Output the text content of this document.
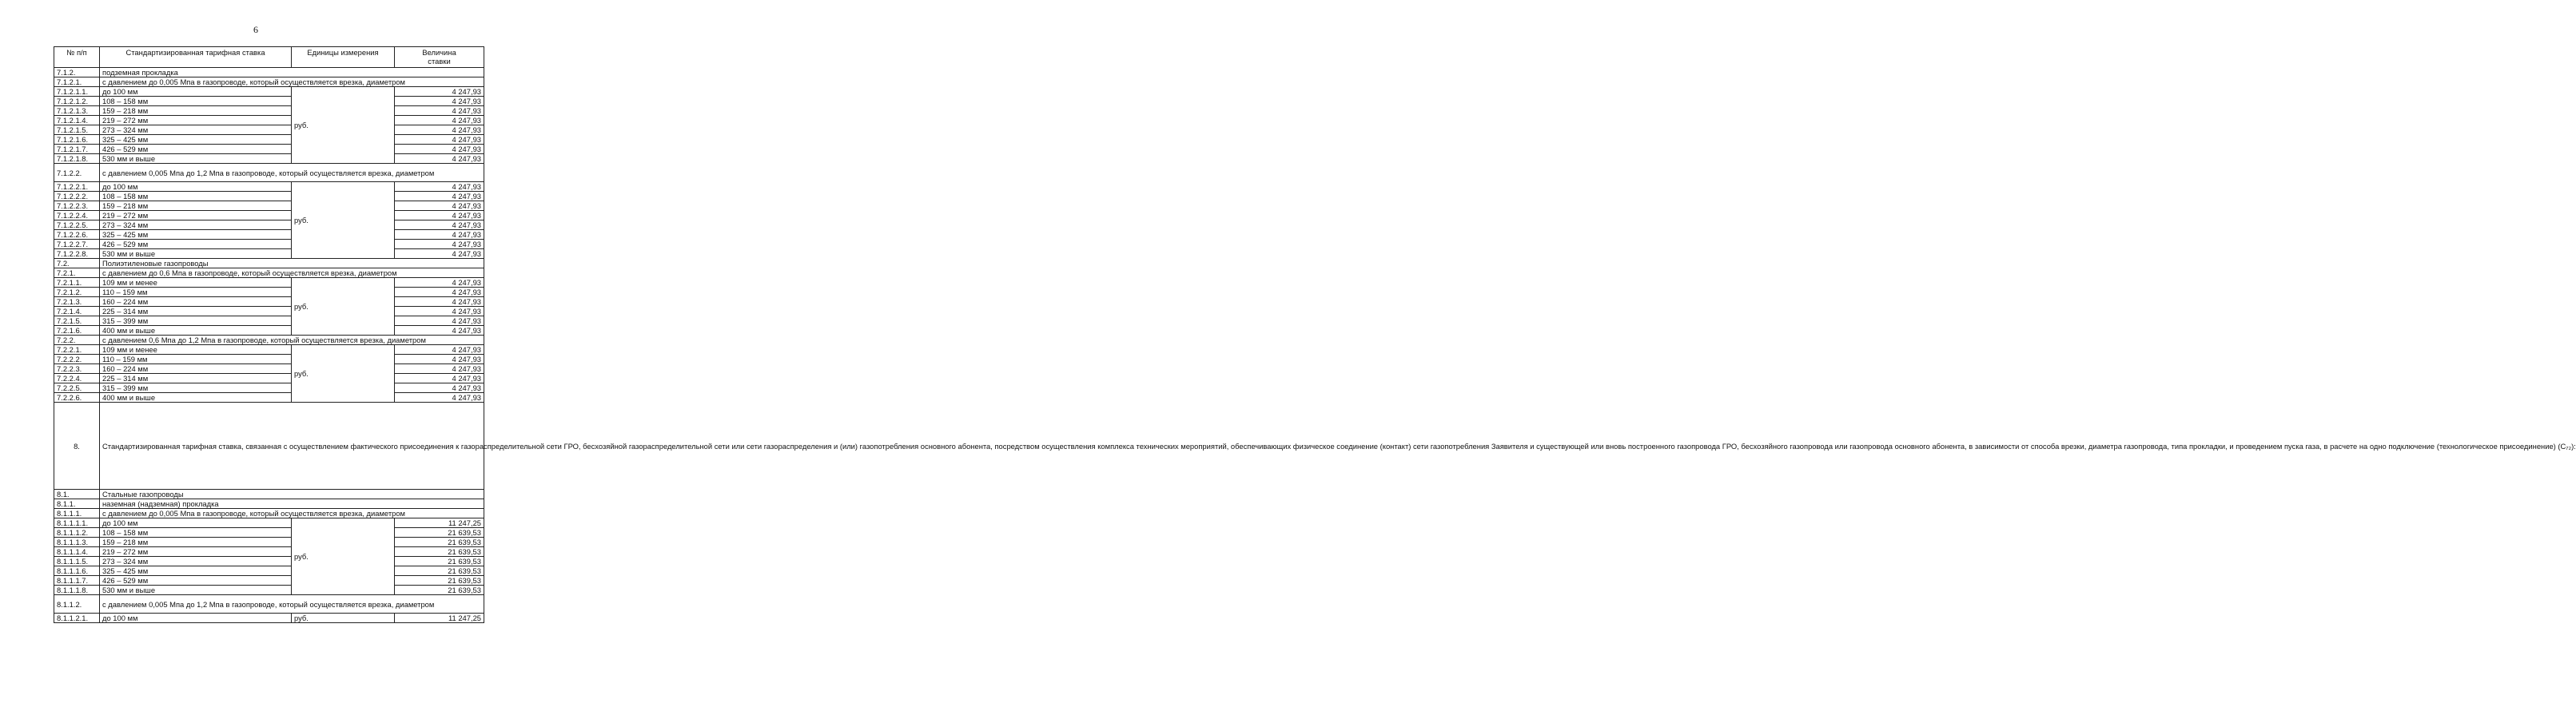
6
№ п/п	Стандартизированная тарифная ставка	Единицы измерения	Величина
ставки
7.1.2.	подземная прокладка		
7.1.2.1.	с давлением до 0,005 Мпа в газопроводе, который осуществляется врезка, диаметром		
7.1.2.1.1.	до 100 мм	руб.	4 247,93
7.1.2.1.2.	108 – 158 мм		4 247,93
7.1.2.1.3.	159 – 218 мм		4 247,93
7.1.2.1.4.	219 – 272 мм		4 247,93
7.1.2.1.5.	273 – 324 мм		4 247,93
7.1.2.1.6.	325 – 425 мм		4 247,93
7.1.2.1.7.	426 – 529 мм		4 247,93
7.1.2.1.8.	530 мм и выше		4 247,93
7.1.2.2.	с давлением 0,005 Мпа до 1,2 Мпа в газопроводе, который осуществляется врезка, диаметром		
7.1.2.2.1.	до 100 мм	руб.	4 247,93
7.1.2.2.2.	108 – 158 мм		4 247,93
7.1.2.2.3.	159 – 218 мм		4 247,93
7.1.2.2.4.	219 – 272 мм		4 247,93
7.1.2.2.5.	273 – 324 мм		4 247,93
7.1.2.2.6.	325 – 425 мм		4 247,93
7.1.2.2.7.	426 – 529 мм		4 247,93
7.1.2.2.8.	530 мм и выше		4 247,93
7.2.	Полиэтиленовые газопроводы		
7.2.1.	с давлением до 0,6 Мпа в газопроводе, который осуществляется врезка, диаметром		
7.2.1.1.	109 мм и менее	руб.	4 247,93
7.2.1.2.	110 – 159 мм		4 247,93
7.2.1.3.	160 – 224 мм		4 247,93
7.2.1.4.	225 – 314 мм		4 247,93
7.2.1.5.	315 – 399 мм		4 247,93
7.2.1.6.	400 мм и выше		4 247,93
7.2.2.	с давлением 0,6 Мпа до 1,2 Мпа в газопроводе, который осуществляется врезка, диаметром		
7.2.2.1.	109 мм и менее	руб.	4 247,93
7.2.2.2.	110 – 159 мм		4 247,93
7.2.2.3.	160 – 224 мм		4 247,93
7.2.2.4.	225 – 314 мм		4 247,93
7.2.2.5.	315 – 399 мм		4 247,93
7.2.2.6.	400 мм и выше		4 247,93
8.	Стандартизированная тарифная ставка, связанная с осуществлением фактического присоединения к газораспределительной сети ГРО, бесхозяйной газораспределительной сети или сети газораспределения и (или) газопотребления основного абонента, посредством осуществления комплекса технических мероприятий, обеспечивающих физическое соединение (контакт) сети газопотребления Заявителя и существующей или вновь построенного газопровода ГРО, бесхозяйного газопровода или газопровода основного абонента, в зависимости от способа врезки, диаметра газопровода, типа прокладки, и проведением пуска газа, в расчете на одно подключение (технологическое присоединение) (С₇₂):		
8.1.	Стальные газопроводы		
8.1.1.	наземная (надземная) прокладка		
8.1.1.1.	с давлением до 0,005 Мпа в газопроводе, который осуществляется врезка, диаметром		
8.1.1.1.1.	до 100 мм	руб.	11 247,25
8.1.1.1.2.	108 – 158 мм		21 639,53
8.1.1.1.3.	159 – 218 мм		21 639,53
8.1.1.1.4.	219 – 272 мм		21 639,53
8.1.1.1.5.	273 – 324 мм		21 639,53
8.1.1.1.6.	325 – 425 мм		21 639,53
8.1.1.1.7.	426 – 529 мм		21 639,53
8.1.1.1.8.	530 мм и выше		21 639,53
8.1.1.2.	с давлением 0,005 Мпа до 1,2 Мпа в газопроводе, который осуществляется врезка, диаметром		
8.1.1.2.1.	до 100 мм	руб.	11 247,25
